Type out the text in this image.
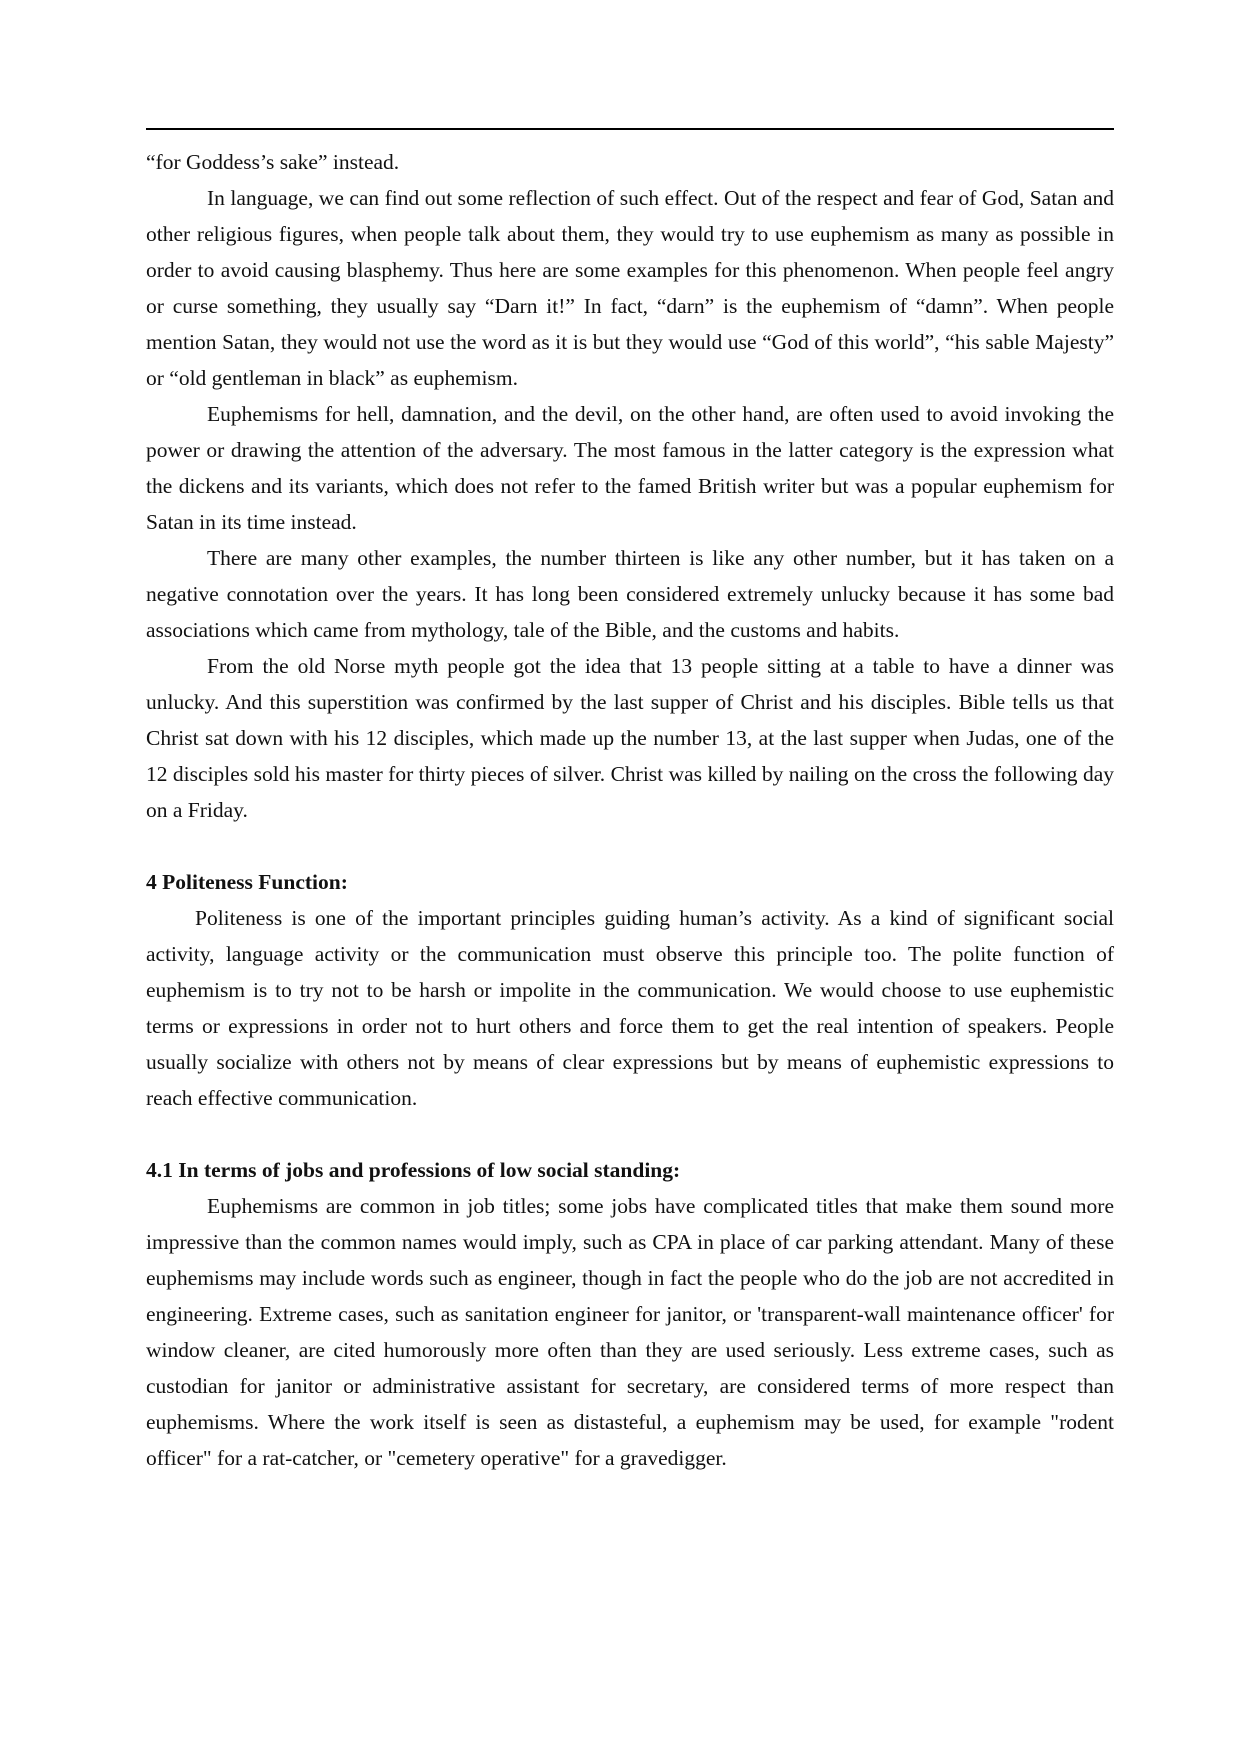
“for Goddess’s sake” instead.

In language, we can find out some reflection of such effect. Out of the respect and fear of God, Satan and other religious figures, when people talk about them, they would try to use euphemism as many as possible in order to avoid causing blasphemy. Thus here are some examples for this phenomenon. When people feel angry or curse something, they usually say “Darn it!” In fact, “darn” is the euphemism of “damn”. When people mention Satan, they would not use the word as it is but they would use “God of this world”, “his sable Majesty” or “old gentleman in black” as euphemism.

Euphemisms for hell, damnation, and the devil, on the other hand, are often used to avoid invoking the power or drawing the attention of the adversary. The most famous in the latter category is the expression what the dickens and its variants, which does not refer to the famed British writer but was a popular euphemism for Satan in its time instead.

There are many other examples, the number thirteen is like any other number, but it has taken on a negative connotation over the years. It has long been considered extremely unlucky because it has some bad associations which came from mythology, tale of the Bible, and the customs and habits.

From the old Norse myth people got the idea that 13 people sitting at a table to have a dinner was unlucky. And this superstition was confirmed by the last supper of Christ and his disciples. Bible tells us that Christ sat down with his 12 disciples, which made up the number 13, at the last supper when Judas, one of the 12 disciples sold his master for thirty pieces of silver. Christ was killed by nailing on the cross the following day on a Friday.

4 Politeness Function:

Politeness is one of the important principles guiding human’s activity. As a kind of significant social activity, language activity or the communication must observe this principle too. The polite function of euphemism is to try not to be harsh or impolite in the communication. We would choose to use euphemistic terms or expressions in order not to hurt others and force them to get the real intention of speakers. People usually socialize with others not by means of clear expressions but by means of euphemistic expressions to reach effective communication.

4.1 In terms of jobs and professions of low social standing:

Euphemisms are common in job titles; some jobs have complicated titles that make them sound more impressive than the common names would imply, such as CPA in place of car parking attendant. Many of these euphemisms may include words such as engineer, though in fact the people who do the job are not accredited in engineering. Extreme cases, such as sanitation engineer for janitor, or 'transparent-wall maintenance officer' for window cleaner, are cited humorously more often than they are used seriously. Less extreme cases, such as custodian for janitor or administrative assistant for secretary, are considered terms of more respect than euphemisms. Where the work itself is seen as distasteful, a euphemism may be used, for example "rodent officer" for a rat-catcher, or "cemetery operative" for a gravedigger.
